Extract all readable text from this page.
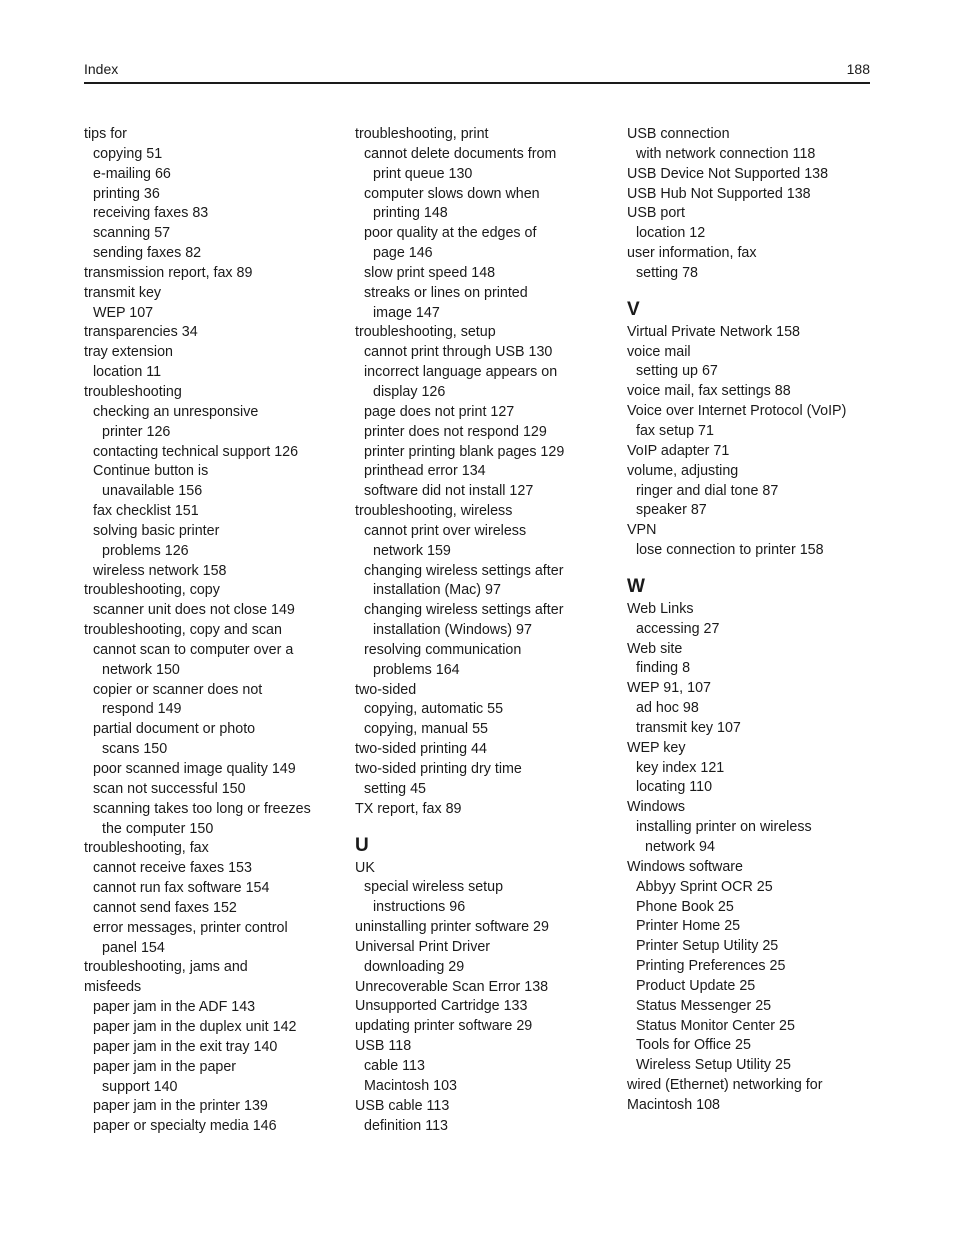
Index	188
tips for
copying 51
e-mailing 66
printing 36
receiving faxes 83
scanning 57
sending faxes 82
transmission report, fax 89
transmit key
WEP 107
transparencies 34
tray extension
location 11
troubleshooting
checking an unresponsive
printer 126
contacting technical support 126
Continue button is
unavailable 156
fax checklist 151
solving basic printer
problems 126
wireless network 158
troubleshooting, copy
scanner unit does not close 149
troubleshooting, copy and scan
cannot scan to computer over a
network 150
copier or scanner does not
respond 149
partial document or photo
scans 150
poor scanned image quality 149
scan not successful 150
scanning takes too long or freezes
the computer 150
troubleshooting, fax
cannot receive faxes 153
cannot run fax software 154
cannot send faxes 152
error messages, printer control
panel 154
troubleshooting, jams and
misfeeds
paper jam in the ADF 143
paper jam in the duplex unit 142
paper jam in the exit tray 140
paper jam in the paper
support 140
paper jam in the printer 139
paper or specialty media 146
troubleshooting, print
cannot delete documents from
print queue 130
computer slows down when
printing 148
poor quality at the edges of
page 146
slow print speed 148
streaks or lines on printed
image 147
troubleshooting, setup
cannot print through USB 130
incorrect language appears on
display 126
page does not print 127
printer does not respond 129
printer printing blank pages 129
printhead error 134
software did not install 127
troubleshooting, wireless
cannot print over wireless
network 159
changing wireless settings after
installation (Mac) 97
changing wireless settings after
installation (Windows) 97
resolving communication
problems 164
two-sided
copying, automatic 55
copying, manual 55
two-sided printing 44
two-sided printing dry time
setting 45
TX report, fax 89
U
UK
special wireless setup
instructions 96
uninstalling printer software 29
Universal Print Driver
downloading 29
Unrecoverable Scan Error 138
Unsupported Cartridge 133
updating printer software 29
USB 118
cable 113
Macintosh 103
USB cable 113
definition 113
USB connection
with network connection 118
USB Device Not Supported 138
USB Hub Not Supported 138
USB port
location 12
user information, fax
setting 78
V
Virtual Private Network 158
voice mail
setting up 67
voice mail, fax settings 88
Voice over Internet Protocol (VoIP)
fax setup 71
VoIP adapter 71
volume, adjusting
ringer and dial tone 87
speaker 87
VPN
lose connection to printer 158
W
Web Links
accessing 27
Web site
finding 8
WEP 91, 107
ad hoc 98
transmit key 107
WEP key
key index 121
locating 110
Windows
installing printer on wireless
network 94
Windows software
Abbyy Sprint OCR 25
Phone Book 25
Printer Home 25
Printer Setup Utility 25
Printing Preferences 25
Product Update 25
Status Messenger 25
Status Monitor Center 25
Tools for Office 25
Wireless Setup Utility 25
wired (Ethernet) networking for
Macintosh 108
